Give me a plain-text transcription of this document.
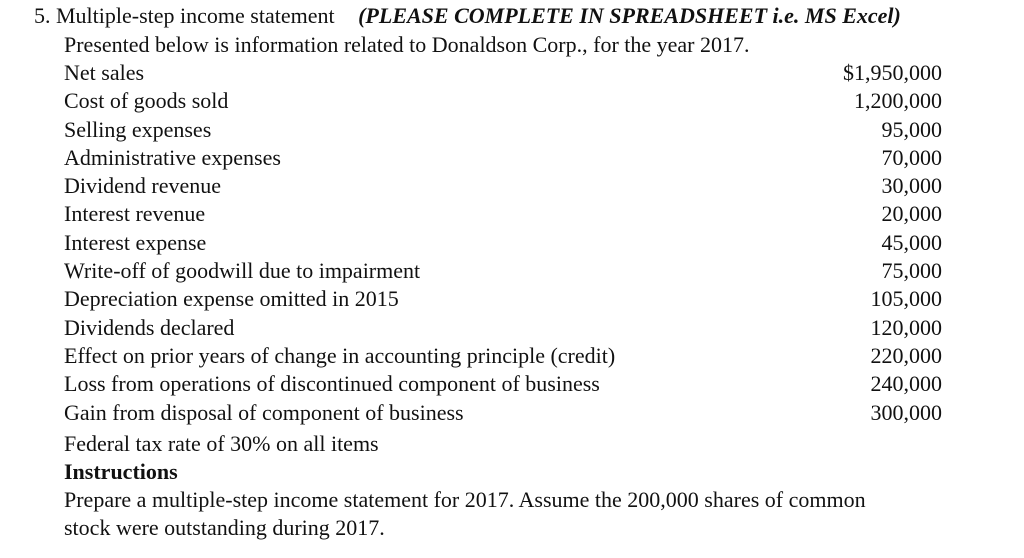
5. Multiple-step income statement (PLEASE COMPLETE IN SPREADSHEET i.e. MS Excel)
Presented below is information related to Donaldson Corp., for the year 2017.
Net sales	$1,950,000
Cost of goods sold	1,200,000
Selling expenses	95,000
Administrative expenses	70,000
Dividend revenue	30,000
Interest revenue	20,000
Interest expense	45,000
Write-off of goodwill due to impairment	75,000
Depreciation expense omitted in 2015	105,000
Dividends declared	120,000
Effect on prior years of change in accounting principle (credit)	220,000
Loss from operations of discontinued component of business	240,000
Gain from disposal of component of business	300,000
Federal tax rate of 30% on all items
Instructions
Prepare a multiple-step income statement for 2017. Assume the 200,000 shares of common
stock were outstanding during 2017.
